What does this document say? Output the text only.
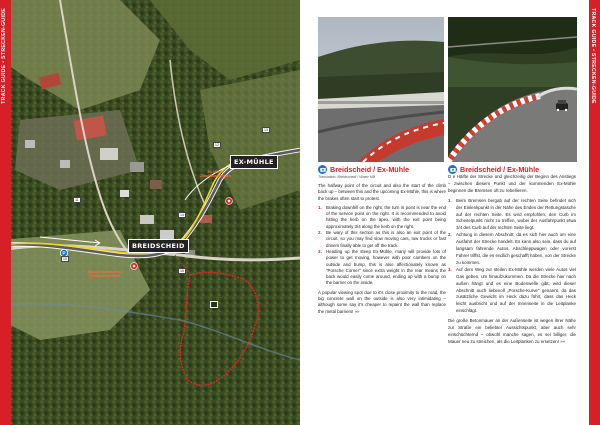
P
Ex-Mühle
Zuschauerbereich
Brücke Breidscheid
Zuschauerbereich
EX-MÜHLE
BREIDSCHEID
13
12
11
14
10
15
TRACK GUIDE • STRECKEN-GUIDE
Breidscheid / Ex-Mühle
Translation: Breidscheid / Water Mill

The halfway point of the circuit and also the start of the climb back up – between this and the upcoming Ex-Mühle, this is where the brakes often start to protest.

1. Braking downhill on the right, the turn in point is near the end of the service point on the right. It is recommended to avoid hitting the kerb on the apex, with the exit point being approximately 3/4 along the kerb on the right.
2. Be wary of this section as this is also an exit point of the circuit, so you may find slow moving cars, tow trucks or fast drivers finally able to get off the track.
3. Heading up the steep Ex-Mühle, many will provide lots of power to get moving, however with poor cambers on the outside and bump, this is also affectionately known as "Porsche Corner" since extra weight in the rear means the back would easily come around, ending up with a bump on the barrier on the inside.

A popular viewing spot due to it's close proximity to the road, the big concrete wall on the outside is also very intimidating – although some say it's cheaper to repaint the wall than replace the metal barriers! »»

Breidscheid / Ex-Mühle

D e Hälfte der Strecke und gleichzeitig der Beginn des Anstiegs – zwischen diesem Punkt und der kommenden Ex-Mühle beginnen die Bremsen oft zu rebellieren.

1. Beim Bremsen bergab auf der rechten Seite befindet sich der Einlenkpunkt in der Nähe des Endes der Rettungstasche auf der rechten Seite. Es wird empfohlen, den Curb im Scheitelpunkt nicht zu treffen, wobei der Ausfahrpunkt etwa 3/4 des Curb auf der rechten Seite liegt.
2. Achtung in diesem Abschnitt, da es sich hier auch um eine Ausfahrt der Strecke handelt. Es kann also sein, dass du auf langsam fahrende Autos, Abschleppwagen oder vorerst Fahrer triffst, die es endlich geschafft haben, von der Strecke zu kommen.
3. Auf dem Weg zur steilen Ex-Mühle werden viele Autos viel Gas geben, um hinaufzukommen. Da die Strecke hier nach außen hängt und es eine Bodenwelle gibt, wird dieser Abschnitt auch liebevoll „Porsche-Kurve" genannt, da das zusätzliche Gewicht im Heck dazu führt, dass das Heck leicht ausbricht und auf der Innenseite in die Leitplanke einschlägt.

Die große Betonmauer an der Außenseite ist wegen ihrer Nähe zur Straße ein beliebter Aussichtspunkt, aber auch sehr einschüchternd – obwohl manche sagen, es sei billiger, die Mauer neu zu streichen, als die Leitplanken zu ersetzen! »»

TRACK GUIDE • STRECKEN-GUIDE
